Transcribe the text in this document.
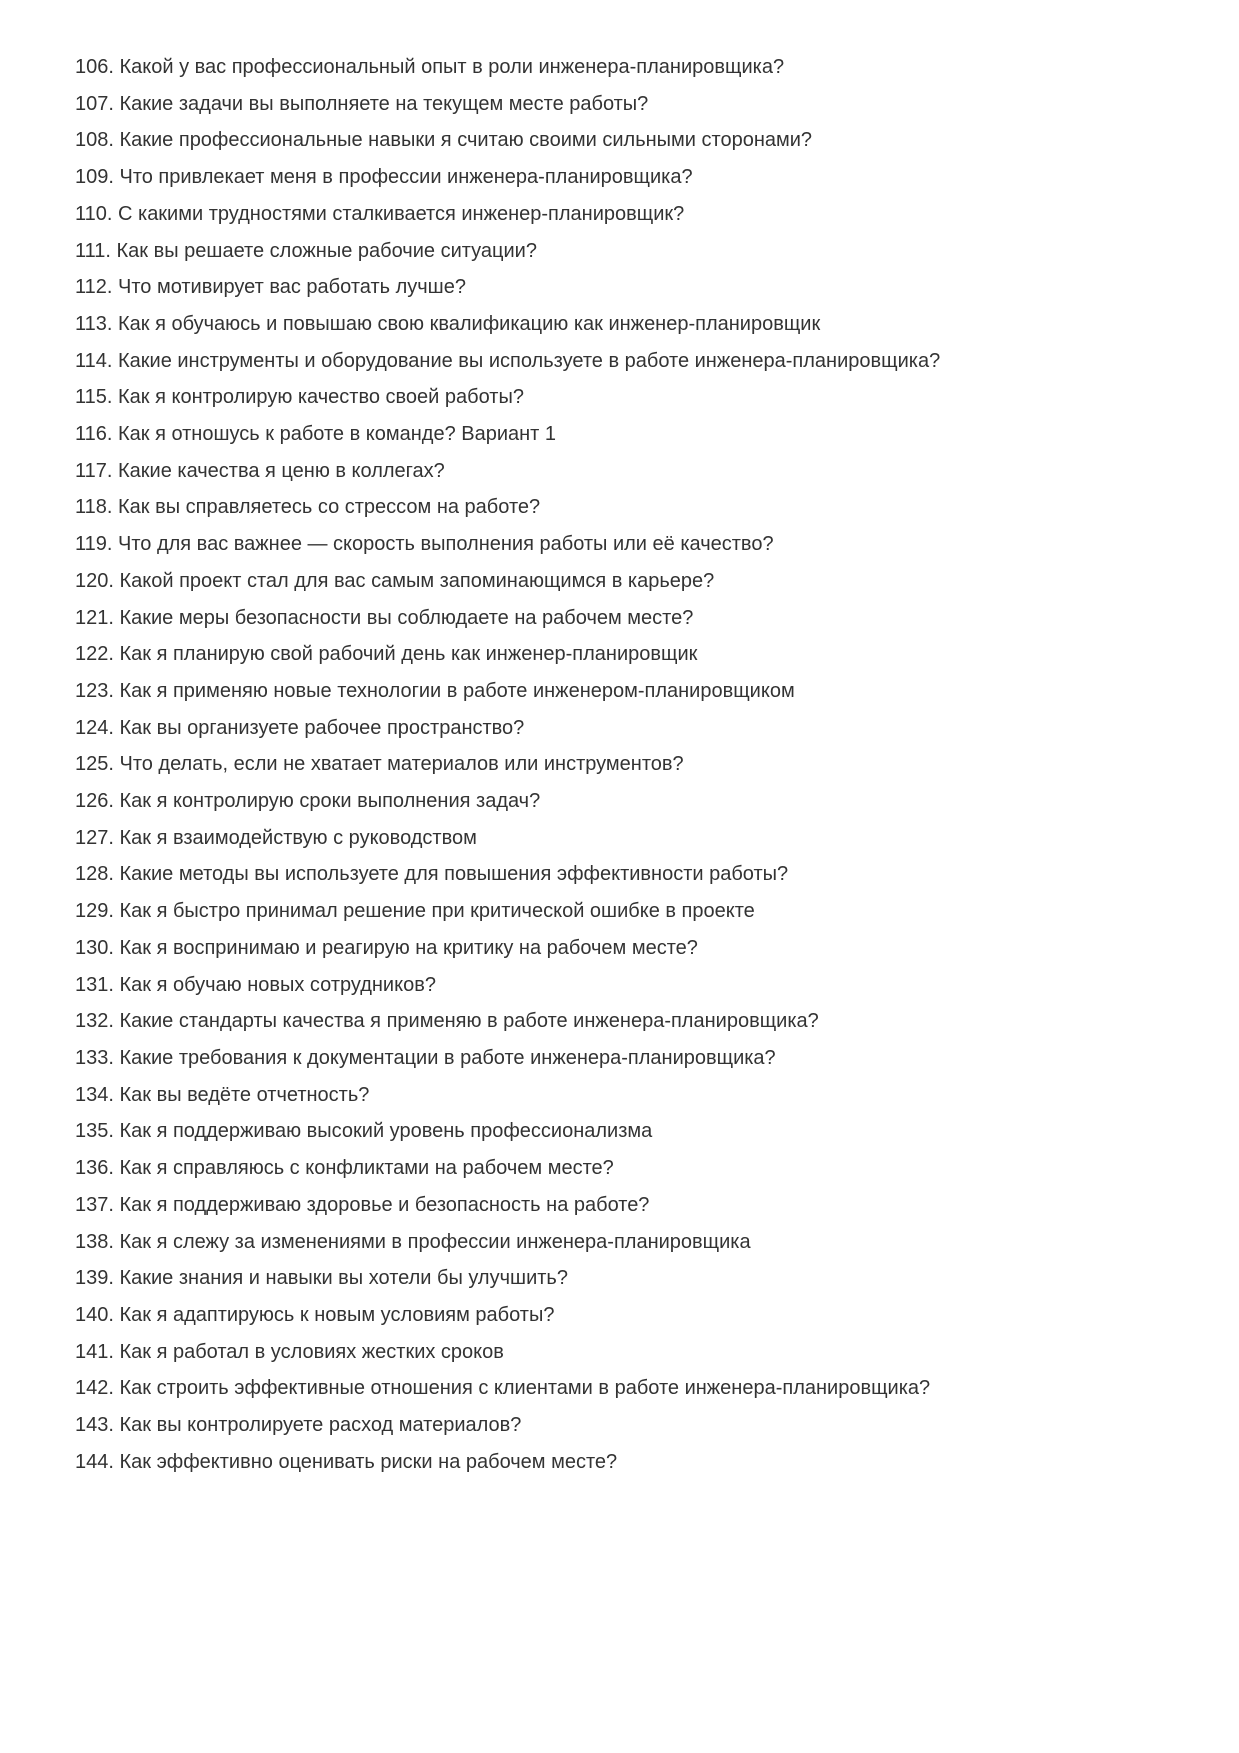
106. Какой у вас профессиональный опыт в роли инженера-планировщика?

107. Какие задачи вы выполняете на текущем месте работы?

108. Какие профессиональные навыки я считаю своими сильными сторонами?

109. Что привлекает меня в профессии инженера-планировщика?

110. С какими трудностями сталкивается инженер-планировщик?

111. Как вы решаете сложные рабочие ситуации?

112. Что мотивирует вас работать лучше?

113. Как я обучаюсь и повышаю свою квалификацию как инженер-планировщик

114. Какие инструменты и оборудование вы используете в работе инженера-планировщика?

115. Как я контролирую качество своей работы?

116. Как я отношусь к работе в команде? Вариант 1

117. Какие качества я ценю в коллегах?

118. Как вы справляетесь со стрессом на работе?

119. Что для вас важнее — скорость выполнения работы или её качество?

120. Какой проект стал для вас самым запоминающимся в карьере?

121. Какие меры безопасности вы соблюдаете на рабочем месте?

122. Как я планирую свой рабочий день как инженер-планировщик

123. Как я применяю новые технологии в работе инженером-планировщиком

124. Как вы организуете рабочее пространство?

125. Что делать, если не хватает материалов или инструментов?

126. Как я контролирую сроки выполнения задач?

127. Как я взаимодействую с руководством

128. Какие методы вы используете для повышения эффективности работы?

129. Как я быстро принимал решение при критической ошибке в проекте

130. Как я воспринимаю и реагирую на критику на рабочем месте?

131. Как я обучаю новых сотрудников?

132. Какие стандарты качества я применяю в работе инженера-планировщика?

133. Какие требования к документации в работе инженера-планировщика?

134. Как вы ведёте отчетность?

135. Как я поддерживаю высокий уровень профессионализма

136. Как я справляюсь с конфликтами на рабочем месте?

137. Как я поддерживаю здоровье и безопасность на работе?

138. Как я слежу за изменениями в профессии инженера-планировщика

139. Какие знания и навыки вы хотели бы улучшить?

140. Как я адаптируюсь к новым условиям работы?

141. Как я работал в условиях жестких сроков

142. Как строить эффективные отношения с клиентами в работе инженера-планировщика?

143. Как вы контролируете расход материалов?

144. Как эффективно оценивать риски на рабочем месте?
